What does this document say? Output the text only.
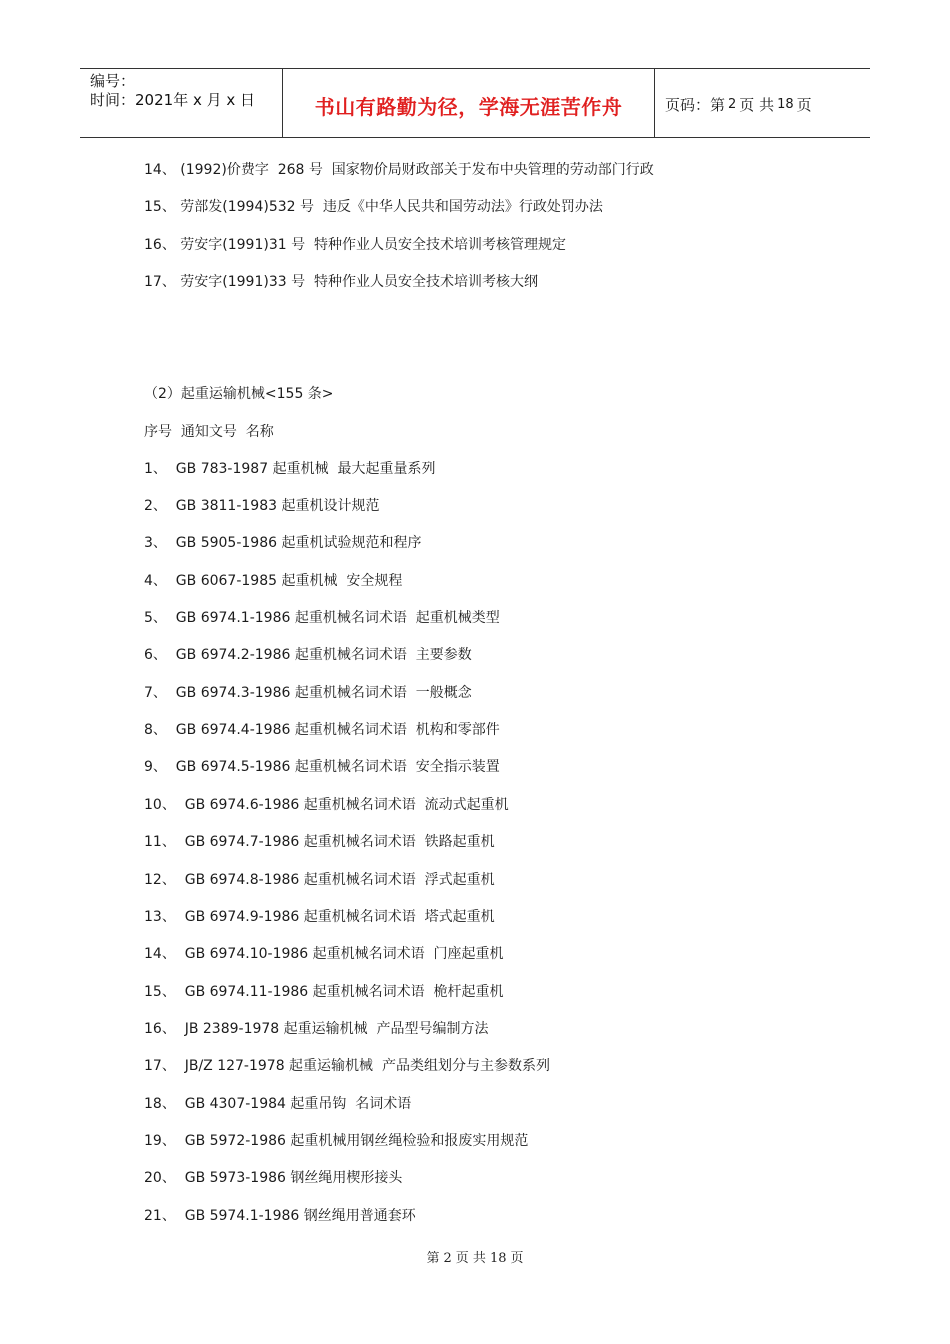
编号：
时间：2021年 x 月 x 日	书山有路勤为径，学海无涯苦作舟	页码：第 2 页 共 18 页
14、 (1992)价费字  268 号  国家物价局财政部关于发布中央管理的劳动部门行政
15、 劳部发(1994)532 号  违反《中华人民共和国劳动法》行政处罚办法
16、 劳安字(1991)31 号  特种作业人员安全技术培训考核管理规定
17、 劳安字(1991)33 号  特种作业人员安全技术培训考核大纲
（2）起重运输机械<155 条>
序号  通知文号  名称
1、  GB 783-1987 起重机械  最大起重量系列
2、  GB 3811-1983 起重机设计规范
3、  GB 5905-1986 起重机试验规范和程序
4、  GB 6067-1985 起重机械  安全规程
5、  GB 6974.1-1986 起重机械名词术语  起重机械类型
6、  GB 6974.2-1986 起重机械名词术语  主要参数
7、  GB 6974.3-1986 起重机械名词术语  一般概念
8、  GB 6974.4-1986 起重机械名词术语  机构和零部件
9、  GB 6974.5-1986 起重机械名词术语  安全指示装置
10、  GB 6974.6-1986 起重机械名词术语  流动式起重机
11、  GB 6974.7-1986 起重机械名词术语  铁路起重机
12、  GB 6974.8-1986 起重机械名词术语  浮式起重机
13、  GB 6974.9-1986 起重机械名词术语  塔式起重机
14、  GB 6974.10-1986 起重机械名词术语  门座起重机
15、  GB 6974.11-1986 起重机械名词术语  桅杆起重机
16、  JB 2389-1978 起重运输机械  产品型号编制方法
17、  JB/Z 127-1978 起重运输机械  产品类组划分与主参数系列
18、  GB 4307-1984 起重吊钩  名词术语
19、  GB 5972-1986 起重机械用钢丝绳检验和报废实用规范
20、  GB 5973-1986 钢丝绳用楔形接头
21、  GB 5974.1-1986 钢丝绳用普通套环
第 2 页 共 18 页
